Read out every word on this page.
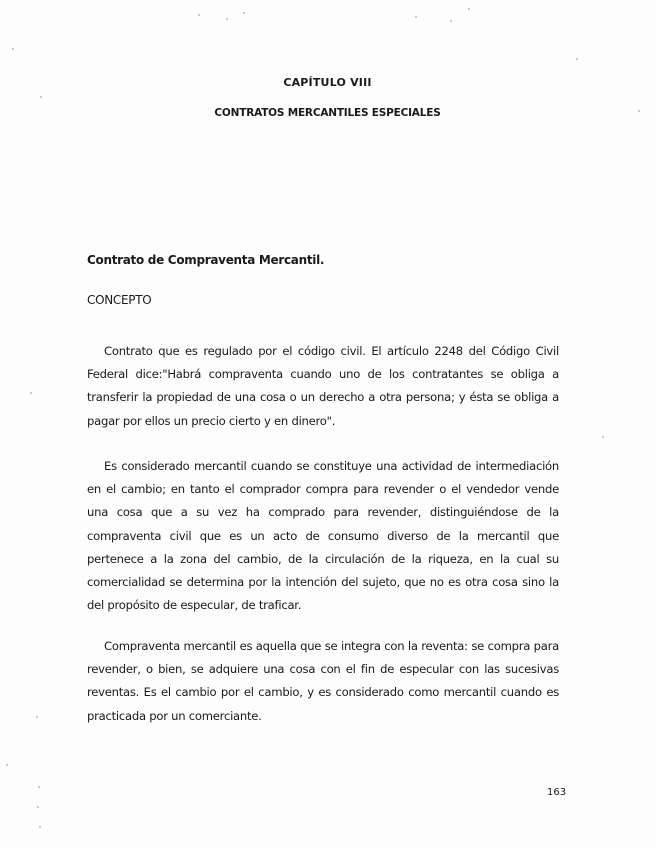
CAPÍTULO VIII
CONTRATOS MERCANTILES ESPECIALES
Contrato de Compraventa Mercantil.
CONCEPTO

Contrato que es regulado por el código civil. El artículo 2248 del Código Civil Federal dice:"Habrá compraventa cuando uno de los contratantes se obliga a transferir la propiedad de una cosa o un derecho a otra persona; y ésta se obliga a pagar por ellos un precio cierto y en dinero".

Es considerado mercantil cuando se constituye una actividad de intermediación en el cambio; en tanto el comprador compra para revender o el vendedor vende una cosa que a su vez ha comprado para revender, distinguiéndose de la compraventa civil que es un acto de consumo diverso de la mercantil que pertenece a la zona del cambio, de la circulación de la riqueza, en la cual su comercialidad se determina por la intención del sujeto, que no es otra cosa sino la del propósito de especular, de traficar.

Compraventa mercantil es aquella que se integra con la reventa: se compra para revender, o bien, se adquiere una cosa con el fin de especular con las sucesivas reventas. Es el cambio por el cambio, y es considerado como mercantil cuando es practicada por un comerciante.

163
